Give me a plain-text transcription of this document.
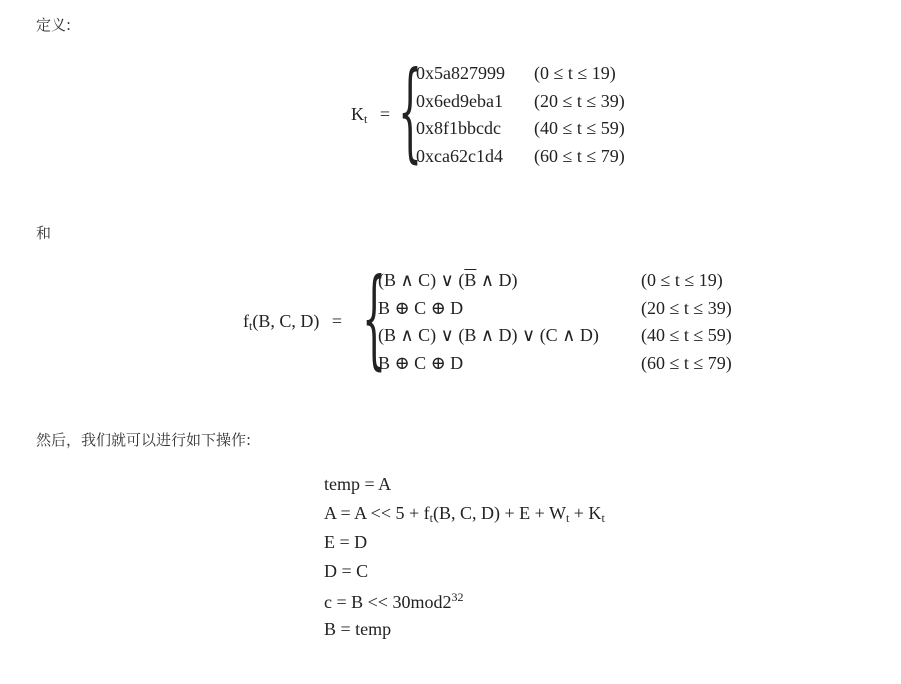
定义:
和
然后，我们就可以进行如下操作:
$K_t$ = {
0x5a827999 (0 ≤ t ≤ 19)
0x6ed9eba1 (20 ≤ t ≤ 39)
0x8f1bbcdc (40 ≤ t ≤ 59)
0xca62c1d4 (60 ≤ t ≤ 79)
$f_t(B$, C, D) = {
(B ∧ C) ∨ ($\overline{B}$ ∧ D)	(0 ≤ t ≤ 19)
B ⊕ C ⊕ D	(20 ≤ t ≤ 39)
(B ∧ C) ∨ (B ∧ D) ∨ (C ∧ D) (40 ≤ t ≤ 59)
B ⊕ C ⊕ D	(60 ≤ t ≤ 79)
temp = A
$A = A << 5 + f_t(B$, C, $D) + E + W_t + K_t$
E = D
D = C
$c = B << 30mod2^{32}$
B = temp
